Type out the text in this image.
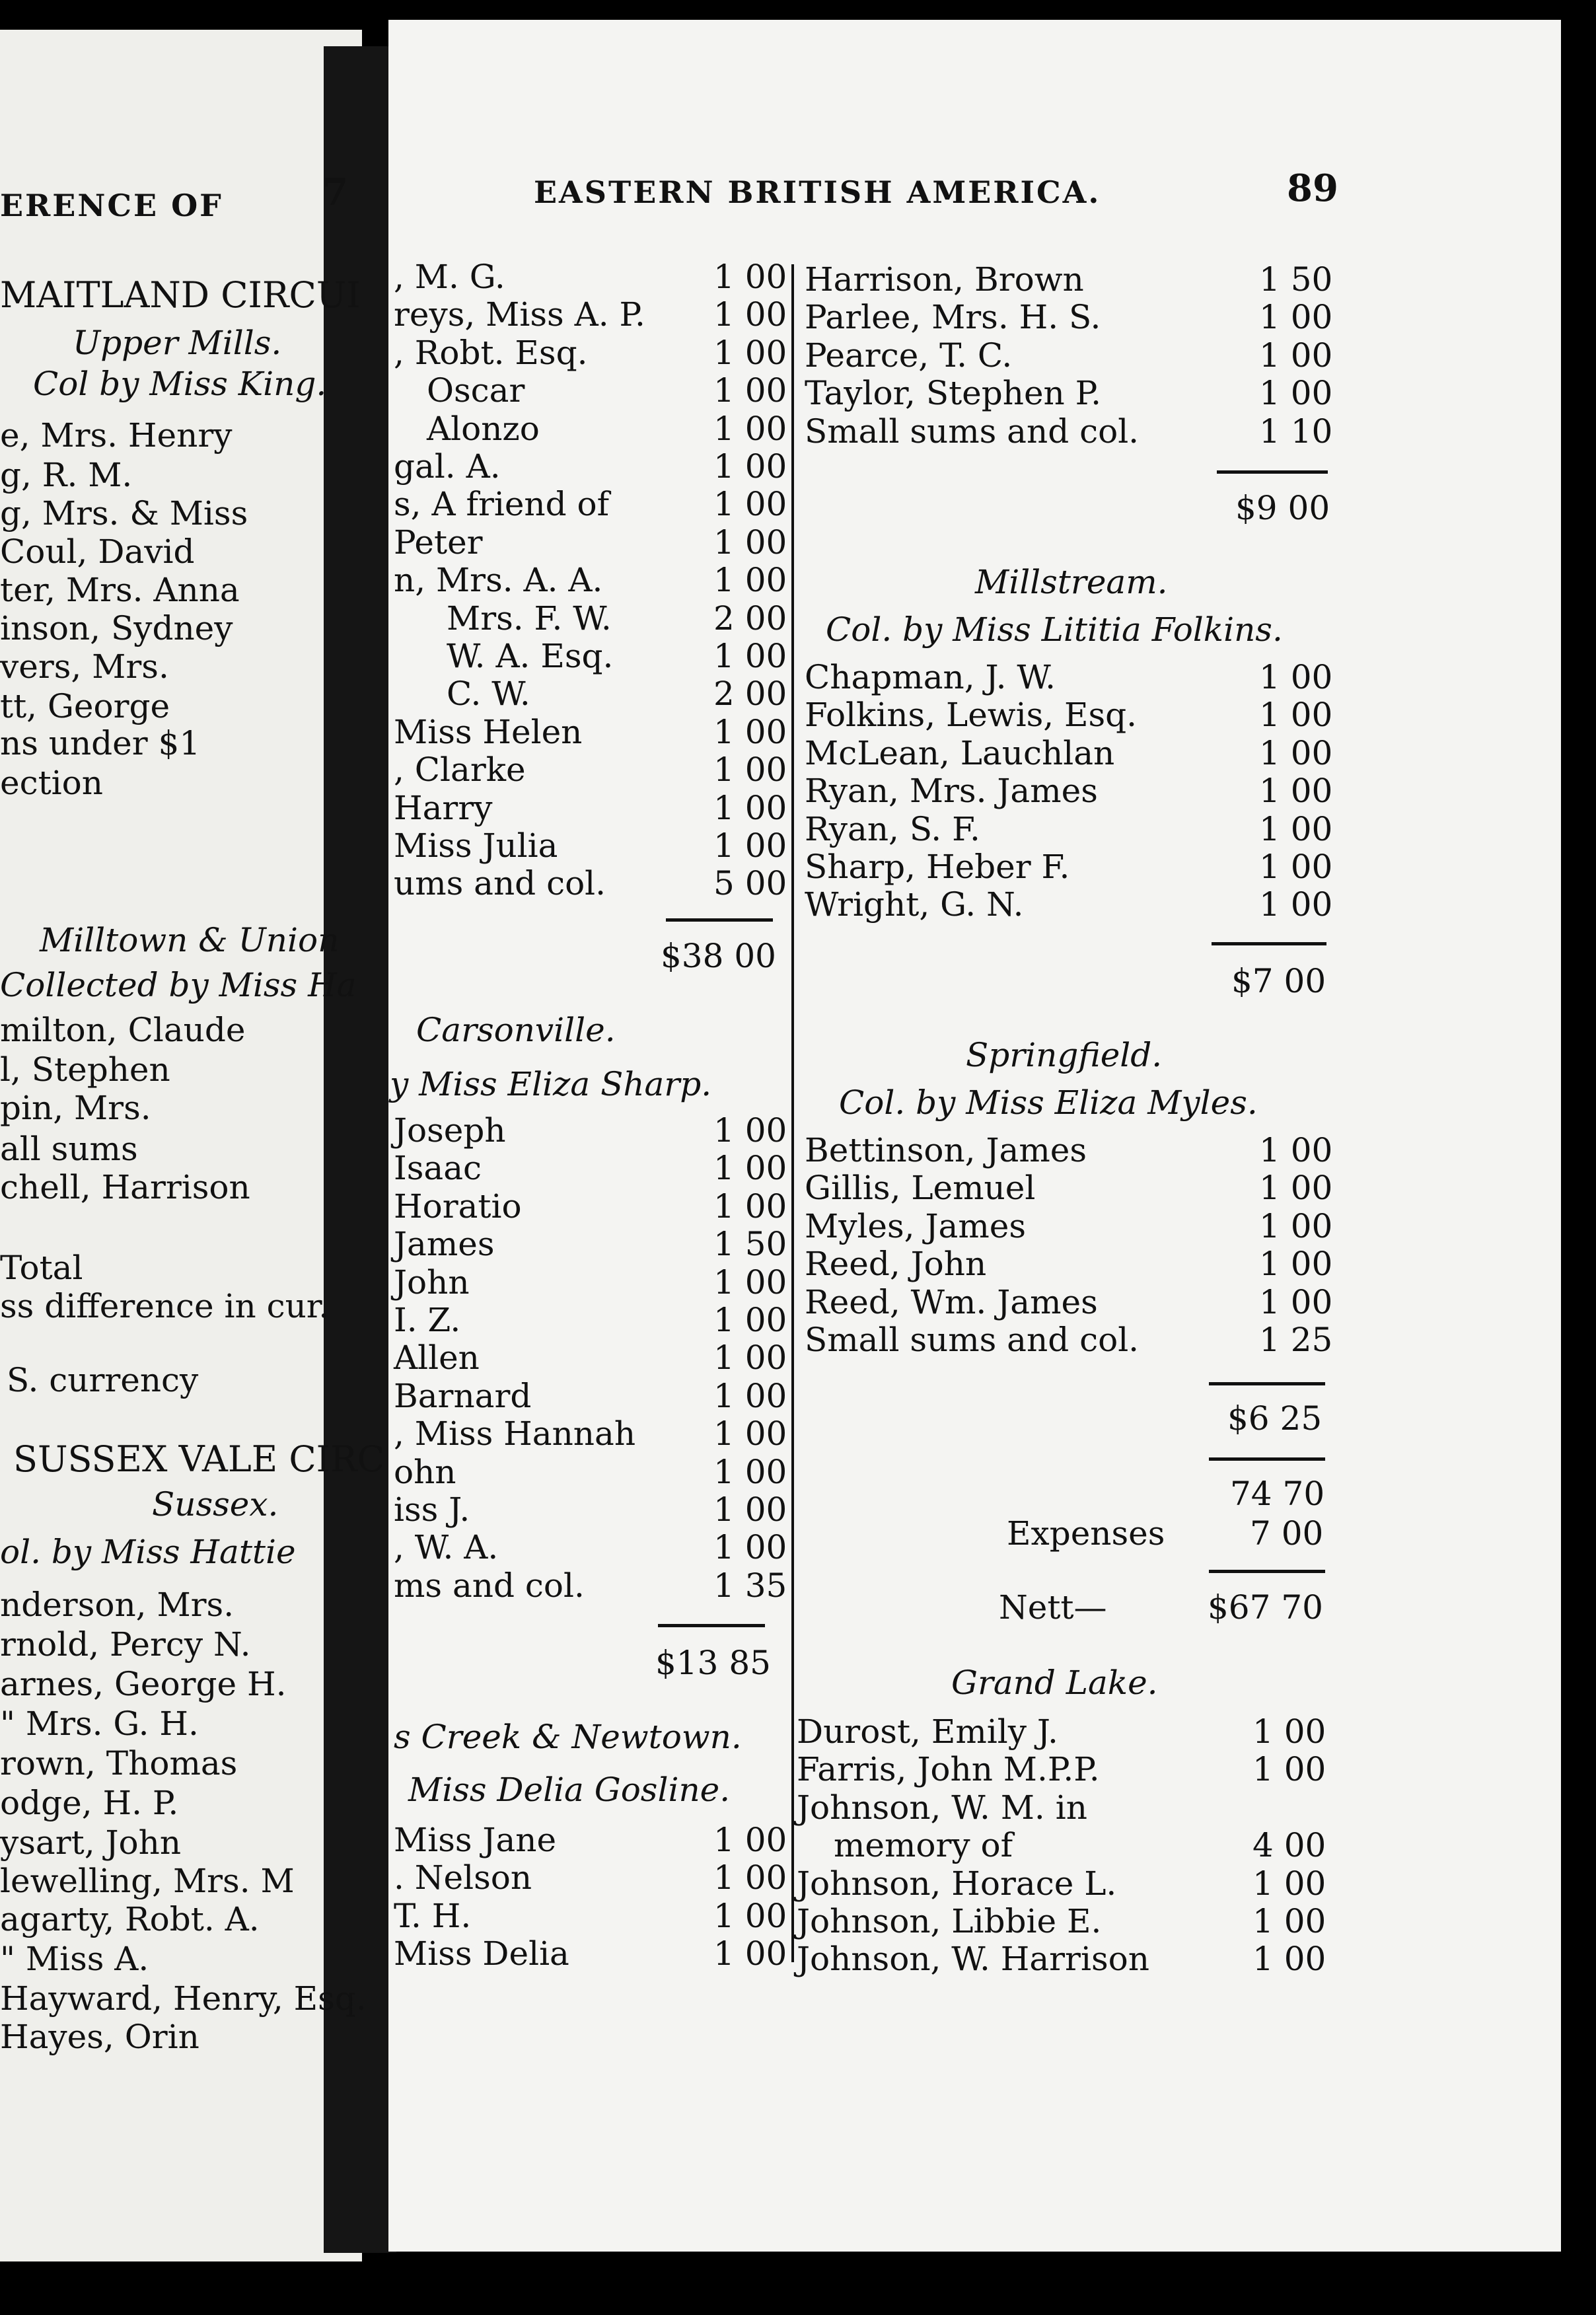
ERENCE OF	7	EASTERN BRITISH AMERICA.	89
MAITLAND CIRCUI
Upper Mills.
Col by Miss King.
e, Mrs. Henry
g, R. M.
g, Mrs. & Miss
Coul, David
ter, Mrs. Anna
inson, Sydney
vers, Mrs.
tt, George
ns under $1
ection
Milltown & Union
Collected by Miss Ha
milton, Claude
l, Stephen
pin, Mrs.
all sums
chell, Harrison
Total
ss difference in cur.
S. currency
SUSSEX VALE CIRC
Sussex.
ol. by Miss Hattie
nderson, Mrs.
rnold, Percy N.
arnes, George H.
" Mrs. G. H.
rown, Thomas
odge, H. P.
ysart, John
lewelling, Mrs. M
agarty, Robt. A.
" Miss A.
Hayward, Henry, Esq.
Hayes, Orin
, M. G.	1 00
reys, Miss A. P. 1 00
, Robt. Esq.	1 00
Oscar	1 00
Alonzo	1 00
gal. A.	1 00
s, A friend of	1 00
Peter	1 00
n, Mrs. A. A.	1 00
Mrs. F. W.	2 00
W. A. Esq.	1 00
C. W.	2 00
Miss Helen	1 00
, Clarke	1 00
Harry	1 00
Miss Julia	1 00
ums and col.	5 00
$38 00
Carsonville.
y Miss Eliza Sharp.
Joseph	1 00
Isaac	1 00
Horatio	1 00
James	1 50
John	1 00
I. Z.	1 00
Allen	1 00
Barnard	1 00
, Miss Hannah 1 00
ohn	1 00
iss J.	1 00
, W. A.	1 00
ms and col.	1 35
$13 85
s Creek & Newtown.
Miss Delia Gosline.
Miss Jane	1 00
. Nelson	1 00
T. H.	1 00
Miss Delia	1 00
Harrison, Brown	1 50
Parlee, Mrs. H. S.	1 00
Pearce, T. C.	1 00
Taylor, Stephen P.	1 00
Small sums and col.	1 10
$9 00
Millstream.
Col. by Miss Lititia Folkins.
Chapman, J. W.	1 00
Folkins, Lewis, Esq.	1 00
McLean, Lauchlan	1 00
Ryan, Mrs. James	1 00
Ryan, S. F.	1 00
Sharp, Heber F.	1 00
Wright, G. N.	1 00
$7 00
Springfield.
Col. by Miss Eliza Myles.
Bettinson, James	1 00
Gillis, Lemuel	1 00
Myles, James	1 00
Reed, John	1 00
Reed, Wm. James	1 00
Small sums and col.	1 25
$6 25
74 70
Expenses	7 00
Nett—	$67 70
Grand Lake.
Durost, Emily J.	1 00
Farris, John M.P.P.	1 00
Johnson, W. M. in
memory of	4 00
Johnson, Horace L.	1 00
Johnson, Libbie E.	1 00
Johnson, W. Harrison	1 00
